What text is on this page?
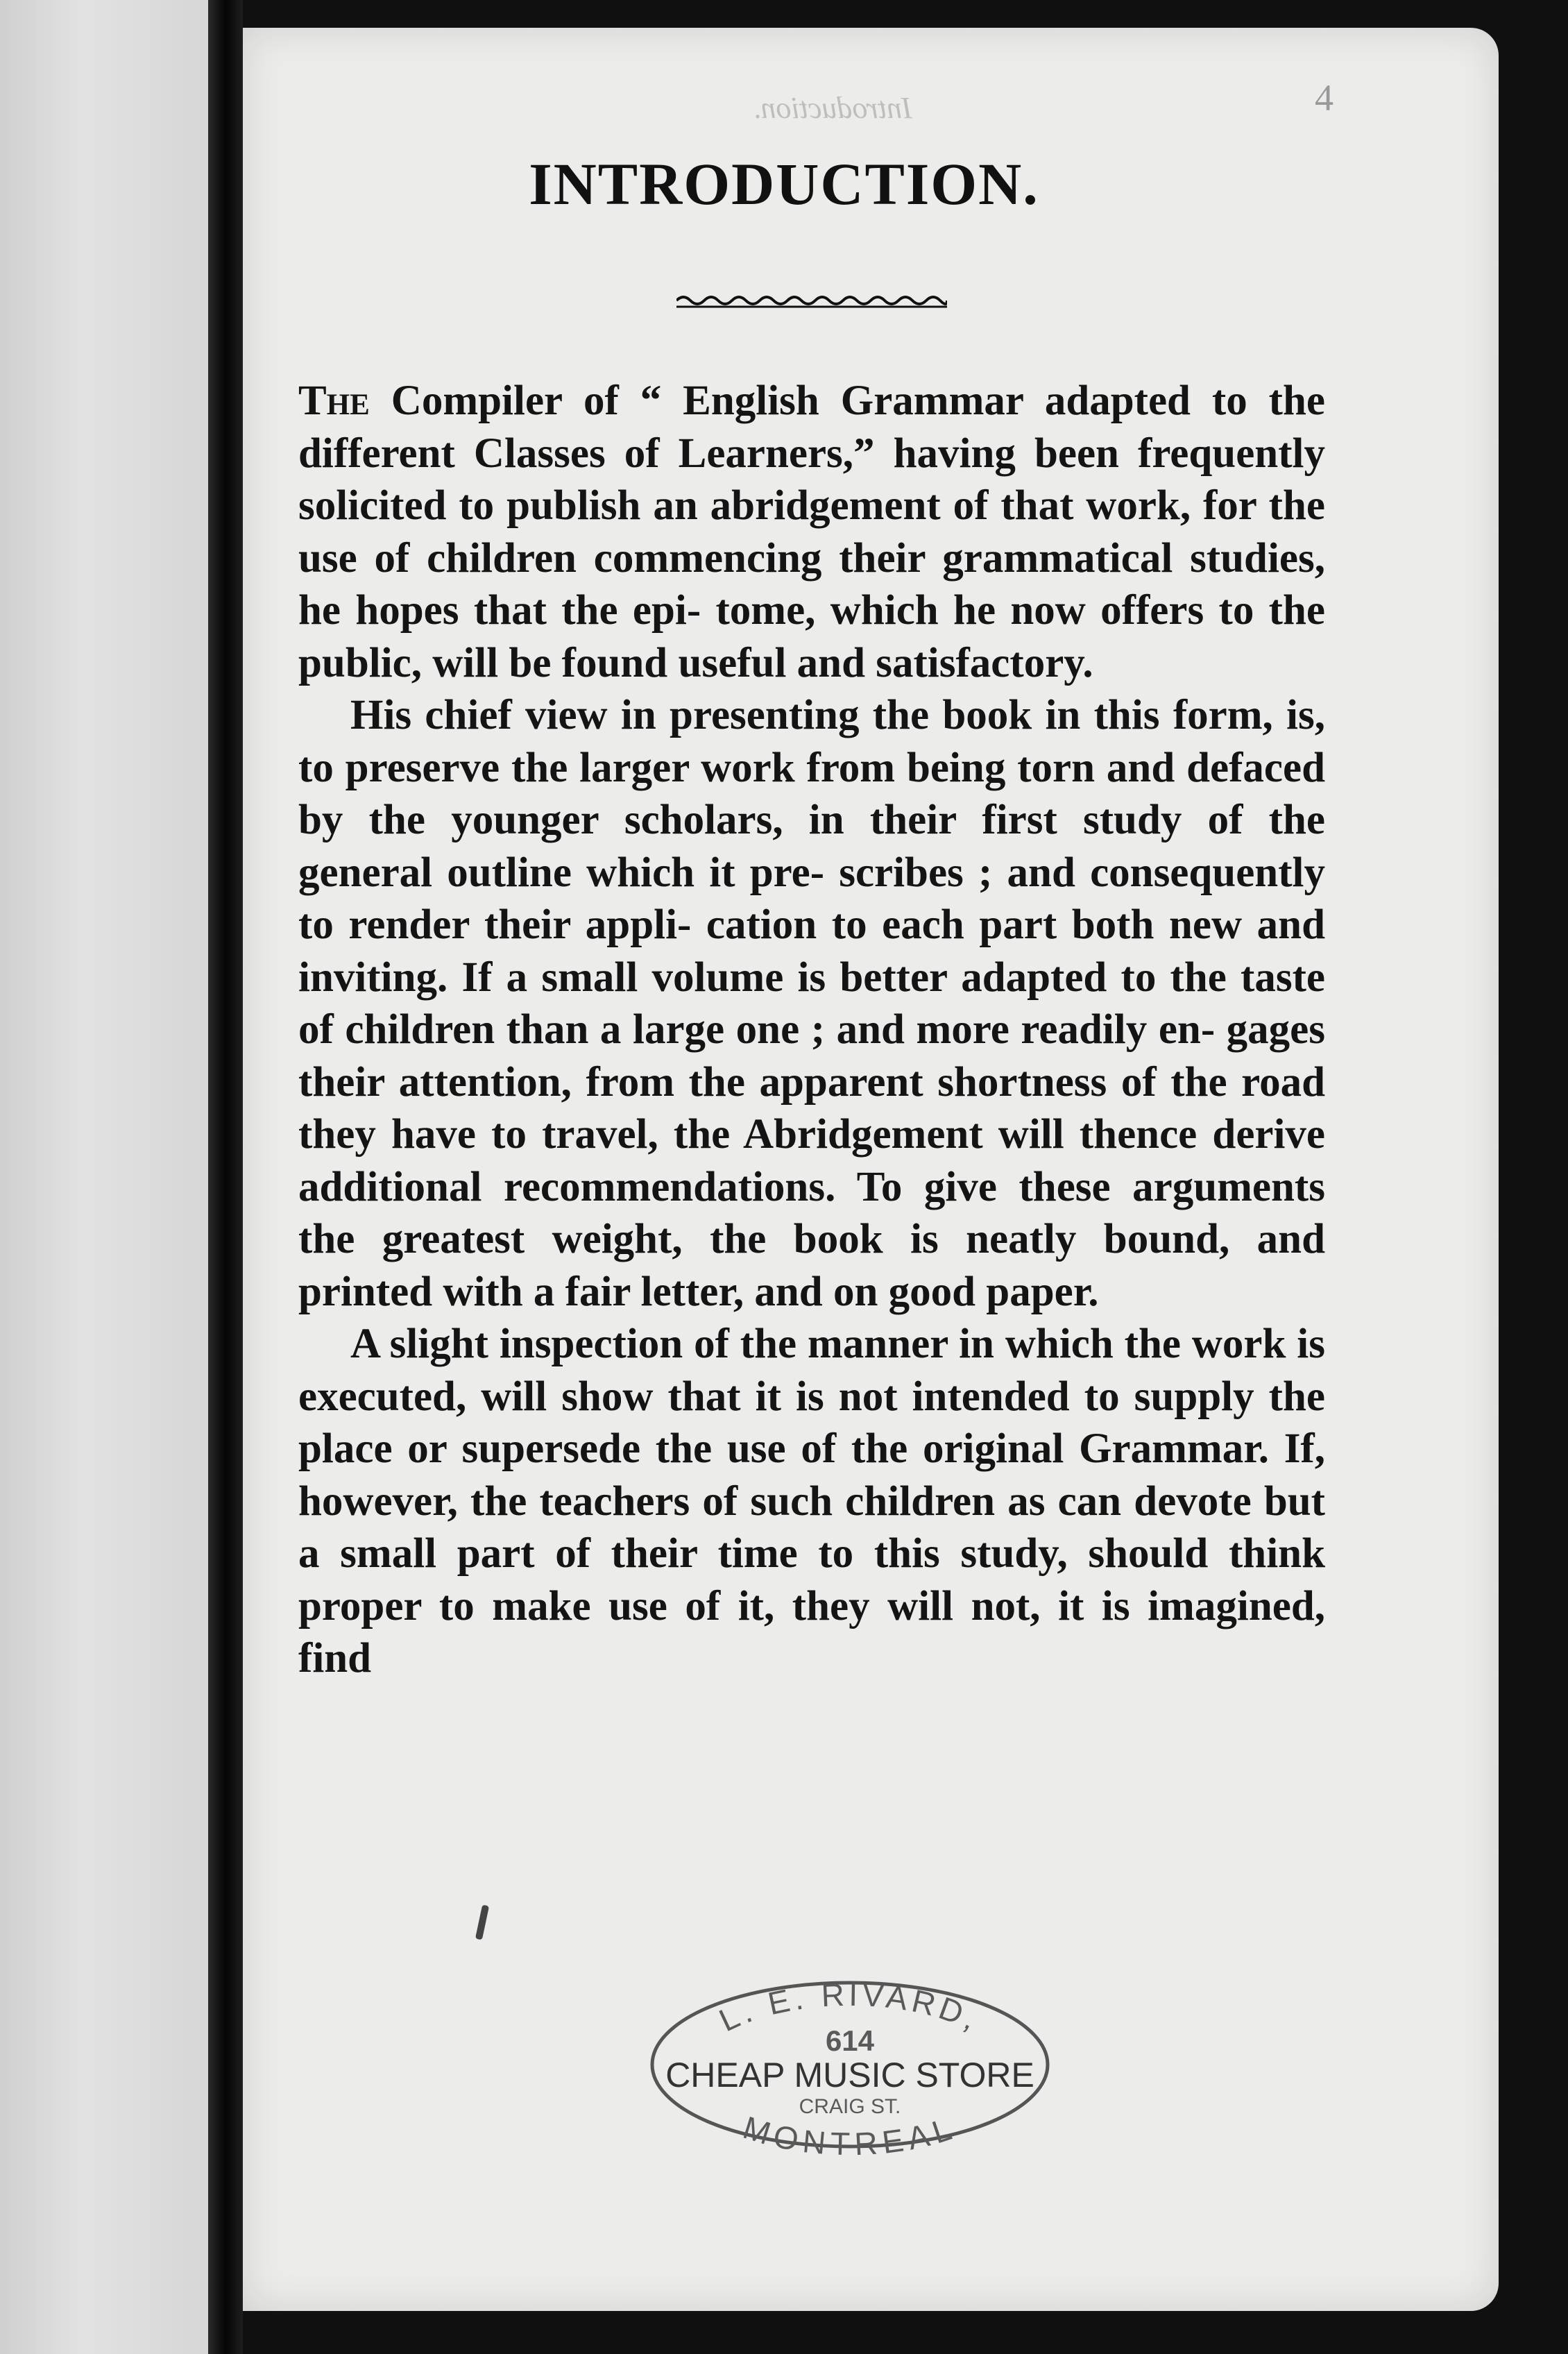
Introduction.	4
INTRODUCTION.

The Compiler of “ English Grammar adapted to the different Classes of Learners,” having been frequently solicited to publish an abridgement of that work, for the use of children commencing their grammatical studies, he hopes that the epi- tome, which he now offers to the public, will be found useful and satisfactory.

His chief view in presenting the book in this form, is, to preserve the larger work from being torn and defaced by the younger scholars, in their first study of the general outline which it pre- scribes ; and consequently to render their appli- cation to each part both new and inviting. If a small volume is better adapted to the taste of children than a large one ; and more readily en- gages their attention, from the apparent shortness of the road they have to travel, the Abridgement will thence derive additional recommendations. To give these arguments the greatest weight, the book is neatly bound, and printed with a fair letter, and on good paper.

A slight inspection of the manner in which the work is executed, will show that it is not intended to supply the place or supersede the use of the original Grammar. If, however, the teachers of such children as can devote but a small part of their time to this study, should think proper to make use of it, they will not, it is imagined, find

L. E. RIVARD,
614
CHEAP MUSIC STORE
CRAIG ST.
MONTREAL
